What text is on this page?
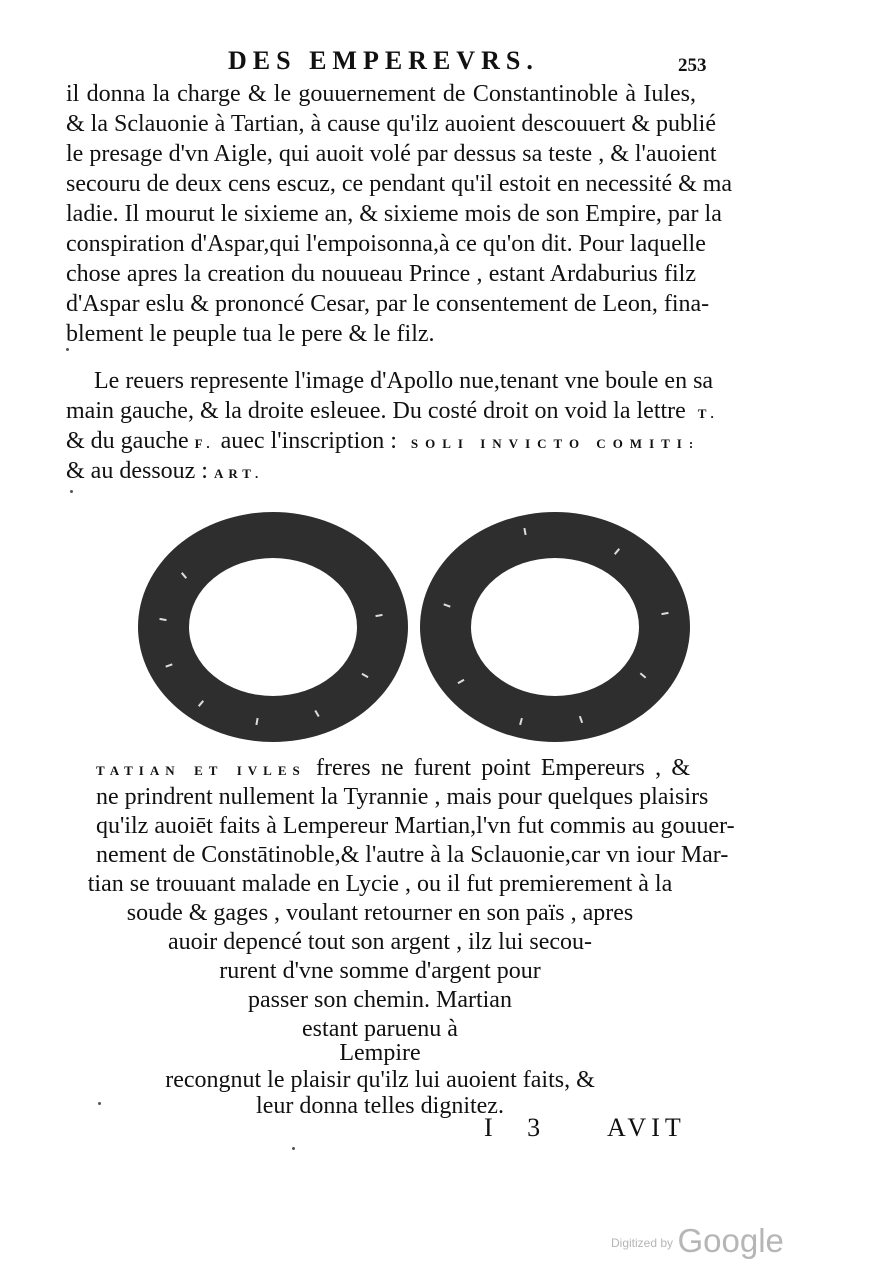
DES EMPEREVRS.	253
il donna la charge & le gouuernement de Constantinoble à Iules,
& la Sclauonie à Tartian, à cause qu'ilz auoient descouuert & publié
le presage d'vn Aigle, qui auoit volé par dessus sa teste , & l'auoient
secouru de deux cens escuz, ce pendant qu'il estoit en necessité & ma
ladie. Il mourut le sixieme an, & sixieme mois de son Empire, par la
conspiration d'Aspar,qui l'empoisonna,à ce qu'on dit. Pour laquelle
chose apres la creation du nouueau Prince , estant Ardaburius filz
d'Aspar eslu & prononcé Cesar, par le consentement de Leon, fina-
blement le peuple tua le pere & le filz.
Le reuers represente l'image d'Apollo nue,tenant vne boule en sa
main gauche, & la droite esleuee. Du costé droit on void la lettre T.
& du gauche F. auec l'inscription : SOLI INVICTO COMITI:
& au dessouz : ART.
TATIAN ET IVLES freres ne furent point Empereurs , &
ne prindrent nullement la Tyrannie , mais pour quelques plaisirs
qu'ilz auoiēt faits à Lempereur Martian,l'vn fut commis au gouuer-
nement de Constātinoble,& l'autre à la Sclauonie,car vn iour Mar-
tian se trouuant malade en Lycie , ou il fut premierement à la
soude & gages , voulant retourner en son païs , apres
auoir depencé tout son argent , ilz lui secou-
rurent d'vne somme d'argent pour
passer son chemin. Martian
estant paruenu à
Lempire
recongnut le plaisir qu'ilz lui auoient faits, &
leur donna telles dignitez.
I 3 AVIT
$^{Digitized by}$ Google
